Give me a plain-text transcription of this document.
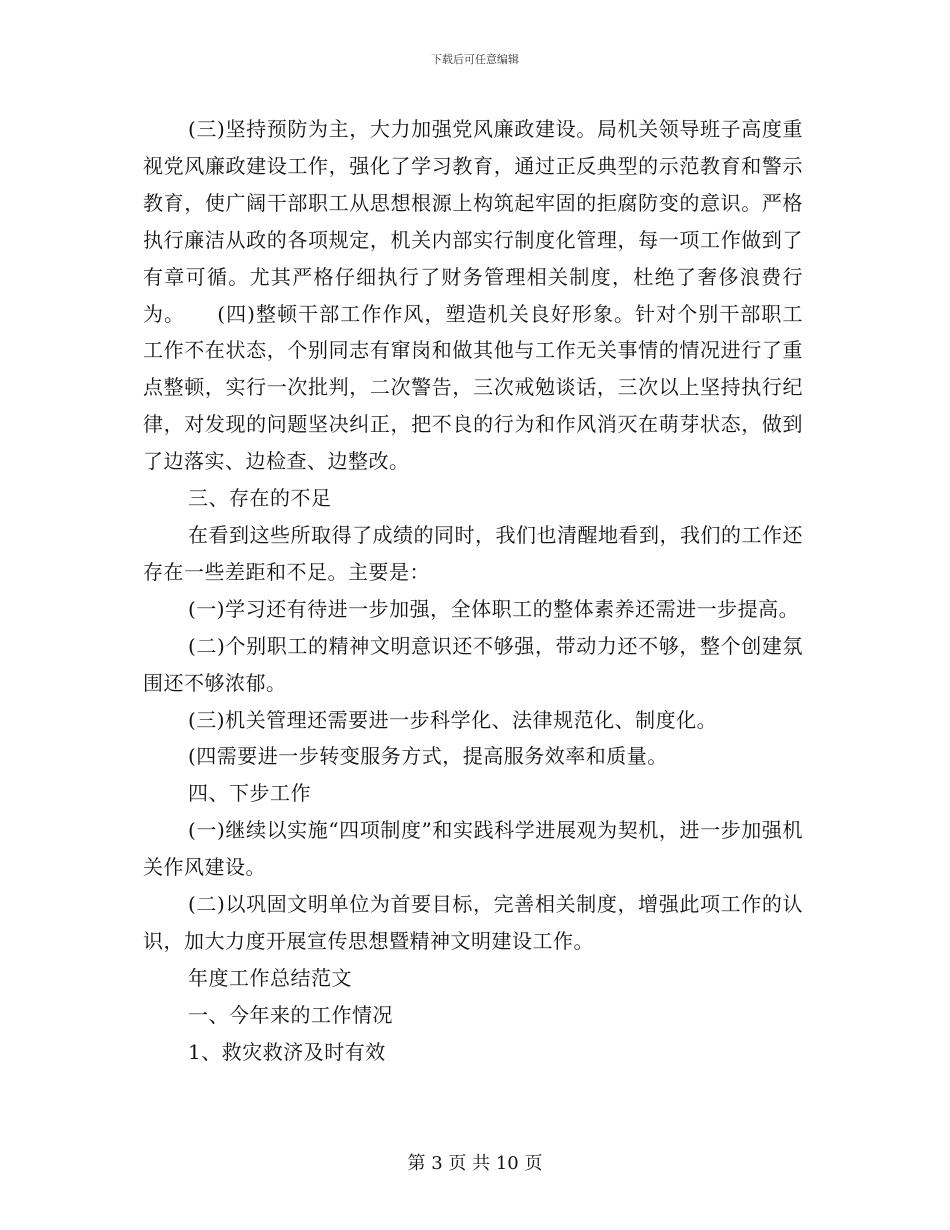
下载后可任意编辑

(三)坚持预防为主，大力加强党风廉政建设。局机关领导班子高度重视党风廉政建设工作，强化了学习教育，通过正反典型的示范教育和警示教育，使广阔干部职工从思想根源上构筑起牢固的拒腐防变的意识。严格执行廉洁从政的各项规定，机关内部实行制度化管理，每一项工作做到了有章可循。尤其严格仔细执行了财务管理相关制度，杜绝了奢侈浪费行为。　　(四)整顿干部工作作风，塑造机关良好形象。针对个别干部职工工作不在状态，个别同志有窜岗和做其他与工作无关事情的情况进行了重点整顿，实行一次批判，二次警告，三次戒勉谈话，三次以上坚持执行纪律，对发现的问题坚决纠正，把不良的行为和作风消灭在萌芽状态，做到了边落实、边检查、边整改。

三、存在的不足

在看到这些所取得了成绩的同时，我们也清醒地看到，我们的工作还存在一些差距和不足。主要是：

(一)学习还有待进一步加强，全体职工的整体素养还需进一步提高。

(二)个别职工的精神文明意识还不够强，带动力还不够，整个创建氛围还不够浓郁。

(三)机关管理还需要进一步科学化、法律规范化、制度化。

(四需要进一步转变服务方式，提高服务效率和质量。

四、下步工作

(一)继续以实施“四项制度”和实践科学进展观为契机，进一步加强机关作风建设。

(二)以巩固文明单位为首要目标，完善相关制度，增强此项工作的认识，加大力度开展宣传思想暨精神文明建设工作。

年度工作总结范文

一、今年来的工作情况

1、救灾救济及时有效

第 3 页 共 10 页
